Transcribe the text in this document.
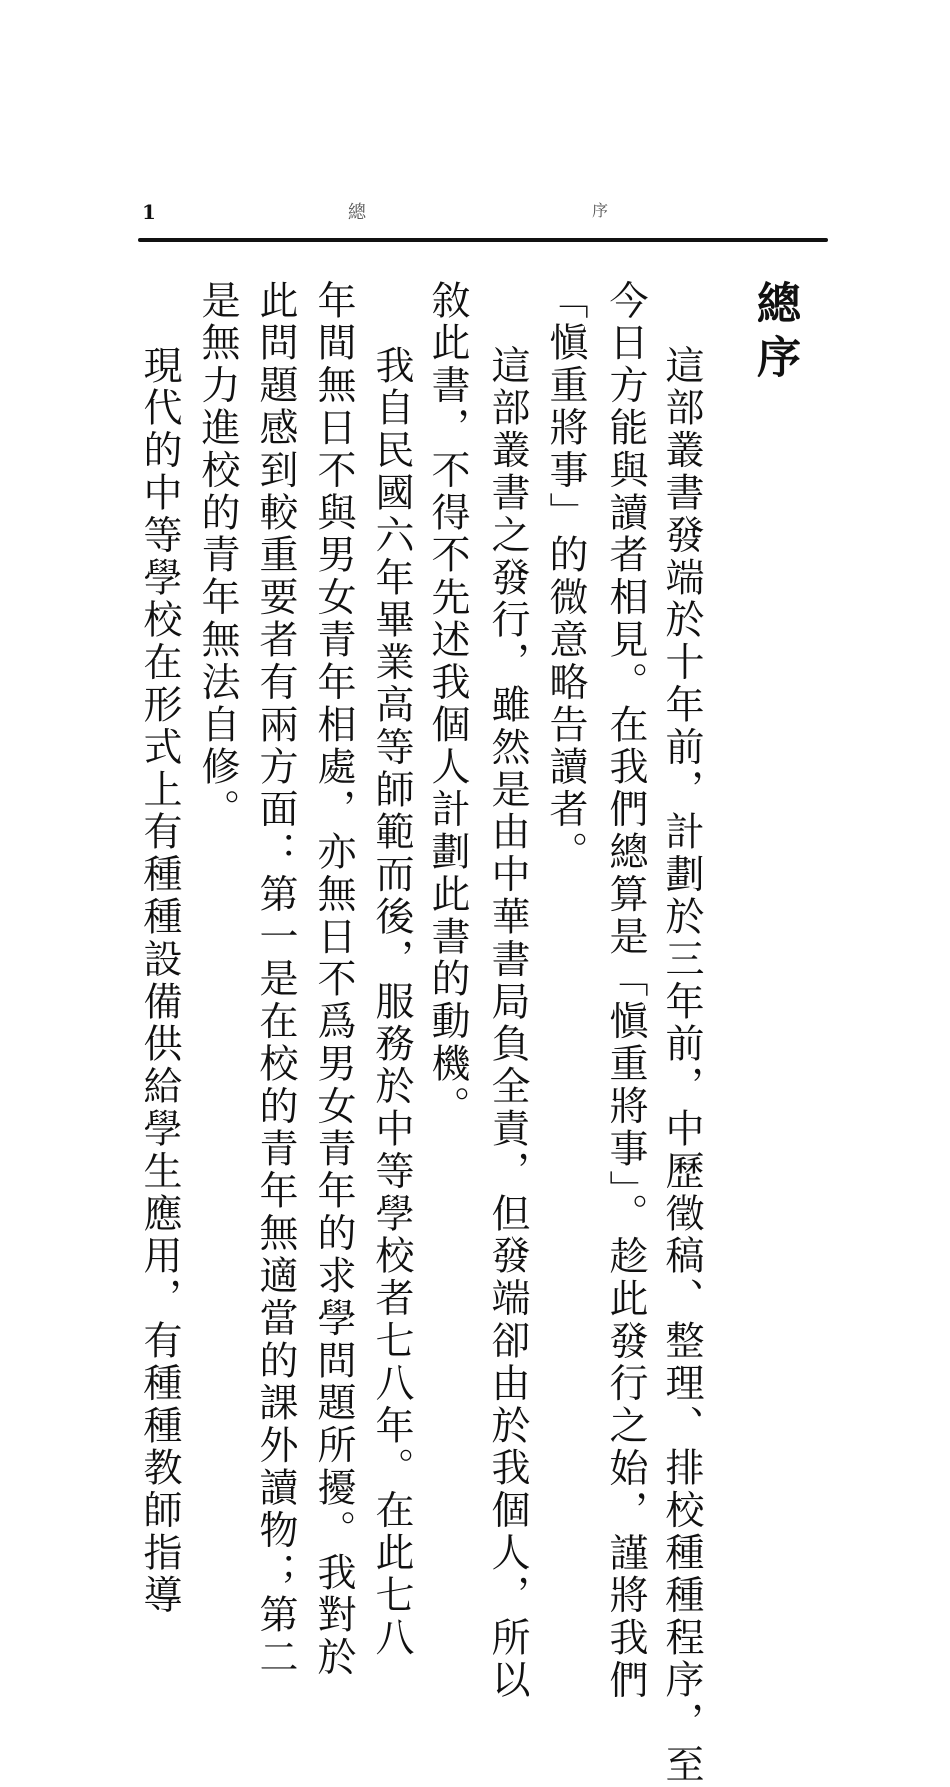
1	總	序
總序
這部叢書發端於十年前，計劃於三年前，中歷徵稿、整理、排校種種程序，至
今日方能與讀者相見。在我們總算是「愼重將事」。趁此發行之始，謹將我們
「愼重將事」的微意略告讀者。
這部叢書之發行，雖然是由中華書局負全責，但發端卻由於我個人，所以
敘此書，不得不先述我個人計劃此書的動機。
我自民國六年畢業高等師範而後，服務於中等學校者七八年。在此七八
年間無日不與男女青年相處，亦無日不爲男女青年的求學問題所擾。我對於
此問題感到較重要者有兩方面：第一是在校的青年無適當的課外讀物；第二
是無力進校的青年無法自修。
現代的中等學校在形式上有種種設備供給學生應用，有種種教師指導
